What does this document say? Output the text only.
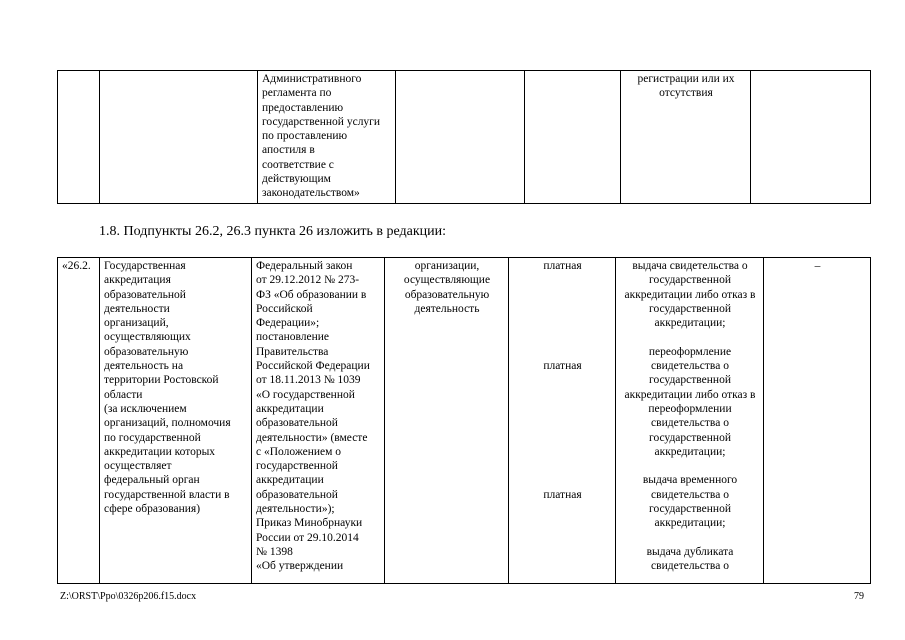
		Административного
регламента по
предоставлению
государственной услуги
по проставлению
апостиля в
соответствие с
действующим
законодательством»			регистрации или их
отсутствия	
1.8. Подпункты 26.2, 26.3 пункта 26 изложить в редакции:
«26.2.	Государственная
аккредитация
образовательной
деятельности
организаций,
осуществляющих
образовательную
деятельность на
территории Ростовской
области
(за исключением
организаций, полномочия
по государственной
аккредитации которых
осуществляет
федеральный орган
государственной власти в
сфере образования)	Федеральный закон
от 29.12.2012 № 273-
ФЗ «Об образовании в
Российской
Федерации»;
постановление
Правительства
Российской Федерации
от 18.11.2013 № 1039
«О государственной
аккредитации
образовательной
деятельности» (вместе
с «Положением о
государственной
аккредитации
образовательной
деятельности»);
Приказ Минобрнауки
России от 29.10.2014
№ 1398
«Об утверждении	организации,
осуществляющие
образовательную
деятельность	платная

платная

платная	выдача свидетельства о
государственной
аккредитации либо отказ в
государственной
аккредитации;

переоформление
свидетельства о
государственной
аккредитации либо отказ в
переоформлении
свидетельства о
государственной
аккредитации;

выдача временного
свидетельства о
государственной
аккредитации;

выдача дубликата
свидетельства о	–
Z:\ORST\Ppo\0326p206.f15.docx	79
